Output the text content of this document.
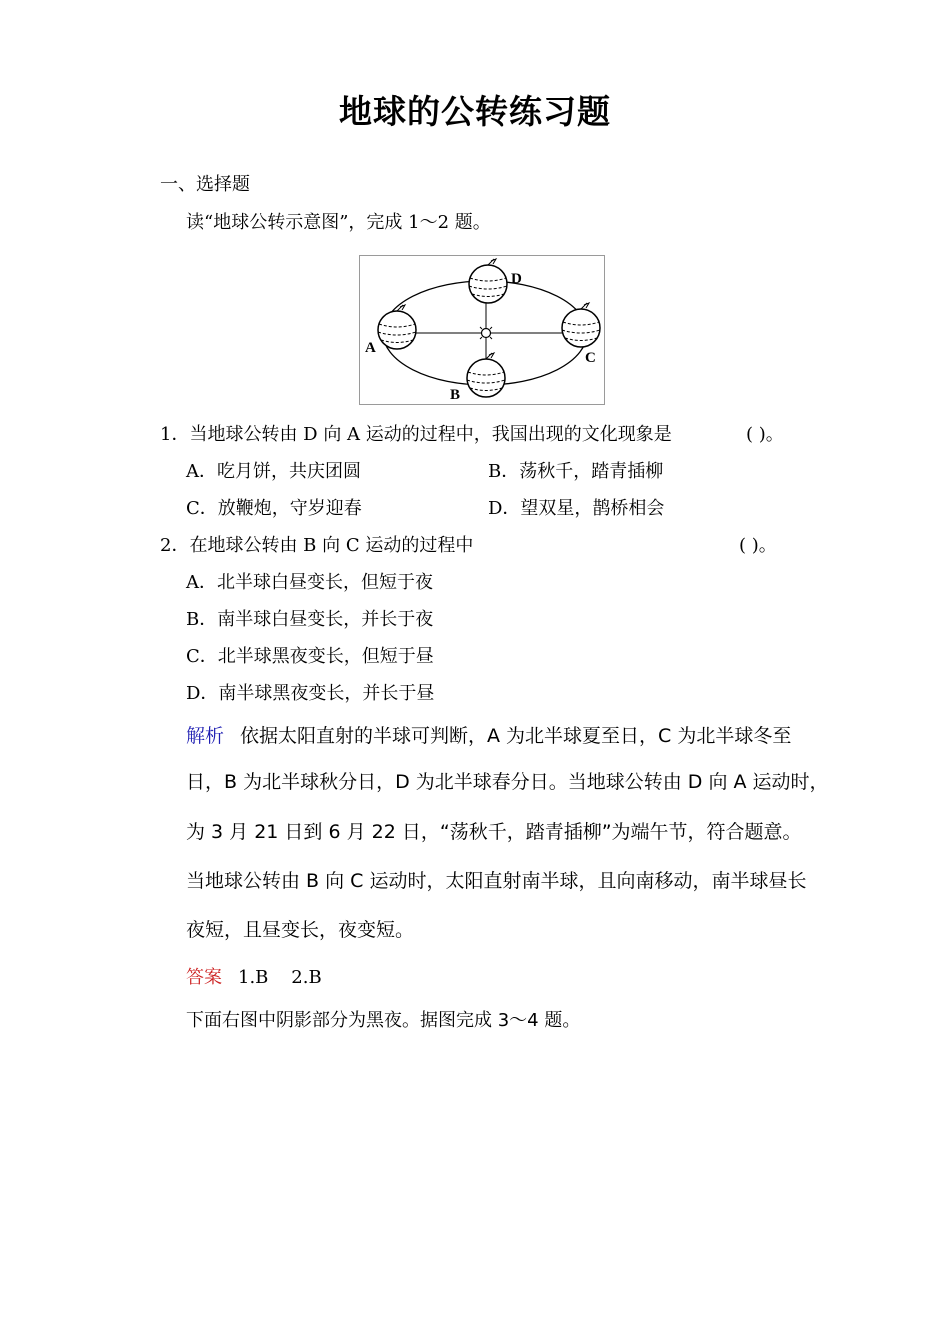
地球的公转练习题
一、选择题
读“地球公转示意图”，完成 1～2 题。
D
A
C
B
1．当地球公转由 D 向 A 运动的过程中，我国出现的文化现象是	( )。
A．吃月饼，共庆团圆	B．荡秋千，踏青插柳
C．放鞭炮，守岁迎春	D．望双星，鹊桥相会
2．在地球公转由 B 向 C 运动的过程中	( )。
A．北半球白昼变长，但短于夜
B．南半球白昼变长，并长于夜
C．北半球黑夜变长，但短于昼
D．南半球黑夜变长，并长于昼
解析 依据太阳直射的半球可判断，A 为北半球夏至日，C 为北半球冬至
日，B 为北半球秋分日，D 为北半球春分日。当地球公转由 D 向 A 运动时，
为 3 月 21 日到 6 月 22 日，“荡秋千，踏青插柳”为端午节，符合题意。
当地球公转由 B 向 C 运动时，太阳直射南半球，且向南移动，南半球昼长
夜短，且昼变长，夜变短。
答案 1.B    2.B
下面右图中阴影部分为黑夜。据图完成 3～4 题。
